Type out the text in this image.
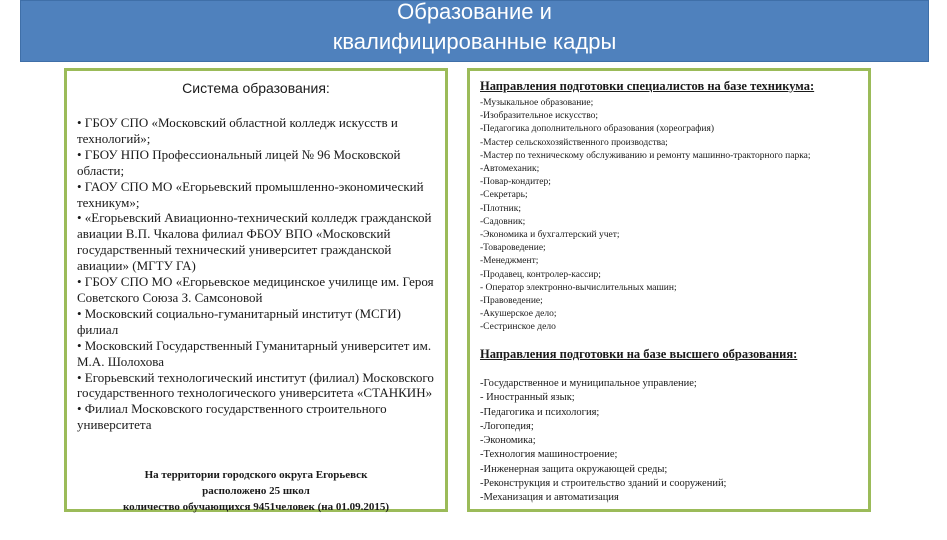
Образование и
квалифицированные кадры
Система образования:

• ГБОУ СПО «Московский областной колледж искусств и технологий»;

• ГБОУ НПО Профессиональный лицей № 96 Московской области;

• ГАОУ СПО МО «Егорьевский промышленно-экономический техникум»;

• «Егорьевский Авиационно-технический колледж гражданской авиации В.П. Чкалова филиал ФБОУ ВПО «Московский государственный технический университет гражданской авиации» (МГТУ ГА)

• ГБОУ СПО МО «Егорьевское медицинское училище им. Героя Советского Союза З. Самсоновой

• Московский социально-гуманитарный институт (МСГИ) филиал

• Московский Государственный Гуманитарный университет им. М.А. Шолохова

• Егорьевский технологический институт (филиал) Московского государственного технологического университета «СТАНКИН»

• Филиал Московского государственного строительного университета

На территории городского округа Егорьевск
расположено 25 школ
количество обучающихся 9451человек (на 01.09.2015)
Направления подготовки специалистов на базе техникума:

-Музыкальное образование;

-Изобразительное искусство;

-Педагогика дополнительного образования (хореография)

-Мастер сельскохозяйственного производства;

-Мастер по техническому обслуживанию и ремонту машинно-тракторного парка;

-Автомеханик;

-Повар-кондитер;

-Секретарь;

-Плотник;

-Садовник;

-Экономика и бухгалтерский учет;

-Товароведение;

-Менеджмент;

-Продавец, контролер-кассир;

- Оператор электронно-вычислительных машин;

-Правоведение;

-Акушерское дело;

-Сестринское дело

Направления подготовки на базе высшего образования:

-Государственное и муниципальное управление;

- Иностранный язык;

-Педагогика и психология;

-Логопедия;

-Экономика;

-Технология машиностроение;

-Инженерная защита окружающей среды;

-Реконструкция и строительство зданий и сооружений;

-Механизация и автоматизация
